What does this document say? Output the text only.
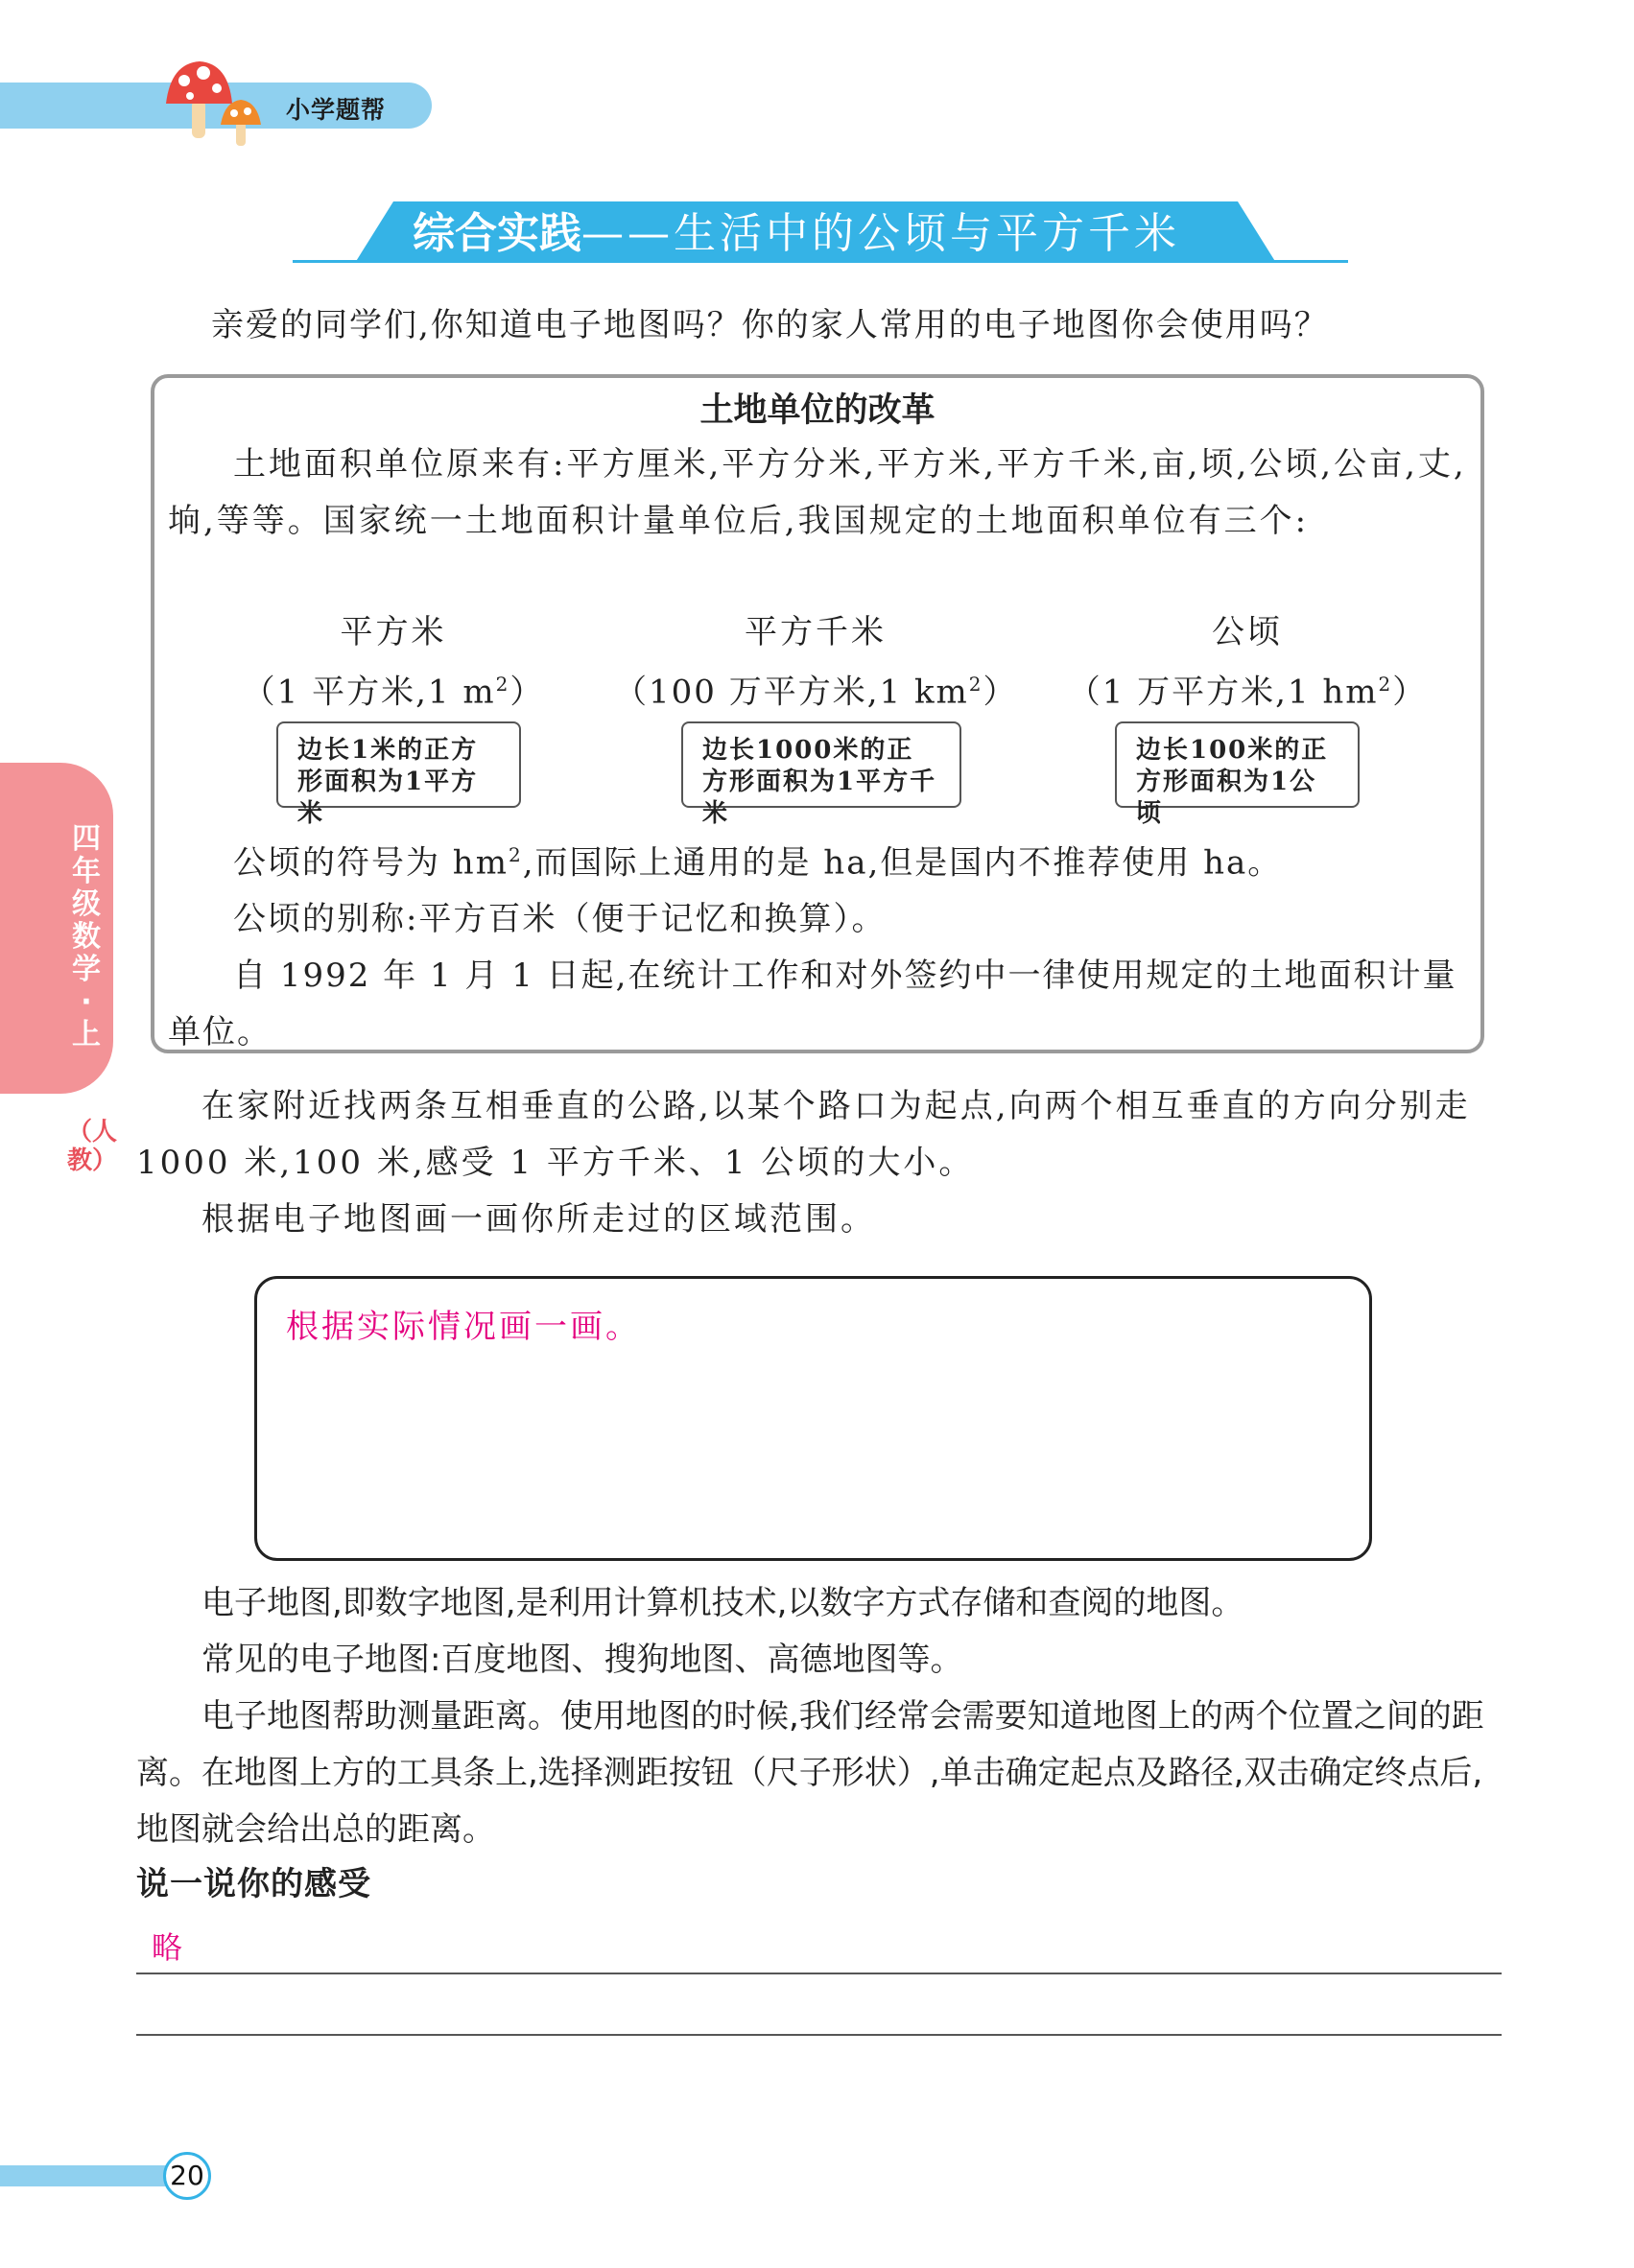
小学题帮
综合实践——生活中的公顷与平方千米
四年级数学·上
（人教）
亲爱的同学们,你知道电子地图吗？你的家人常用的电子地图你会使用吗？
土地单位的改革
土地面积单位原来有:平方厘米,平方分米,平方米,平方千米,亩,顷,公顷,公亩,丈,垧,等等。国家统一土地面积计量单位后,我国规定的土地面积单位有三个:
平方米
（1 平方米,1 $m^2$）
平方千米
（100 万平方米,1 $km^2$）
公顷
（1 万平方米,1 $hm^2$）
边长1米的正方形面积为1平方米
边长1000米的正方形面积为1平方千米
边长100米的正方形面积为1公顷
公顷的符号为 $hm^2$,而国际上通用的是 ha,但是国内不推荐使用 ha。
公顷的别称:平方百米（便于记忆和换算）。
自 1992 年 1 月 1 日起,在统计工作和对外签约中一律使用规定的土地面积计量单位。
在家附近找两条互相垂直的公路,以某个路口为起点,向两个相互垂直的方向分别走 1000 米,100 米,感受 1 平方千米、1 公顷的大小。
根据电子地图画一画你所走过的区域范围。
根据实际情况画一画。
电子地图,即数字地图,是利用计算机技术,以数字方式存储和查阅的地图。
常见的电子地图:百度地图、搜狗地图、高德地图等。
电子地图帮助测量距离。使用地图的时候,我们经常会需要知道地图上的两个位置之间的距离。在地图上方的工具条上,选择测距按钮（尺子形状）,单击确定起点及路径,双击确定终点后,地图就会给出总的距离。
说一说你的感受
略
20
